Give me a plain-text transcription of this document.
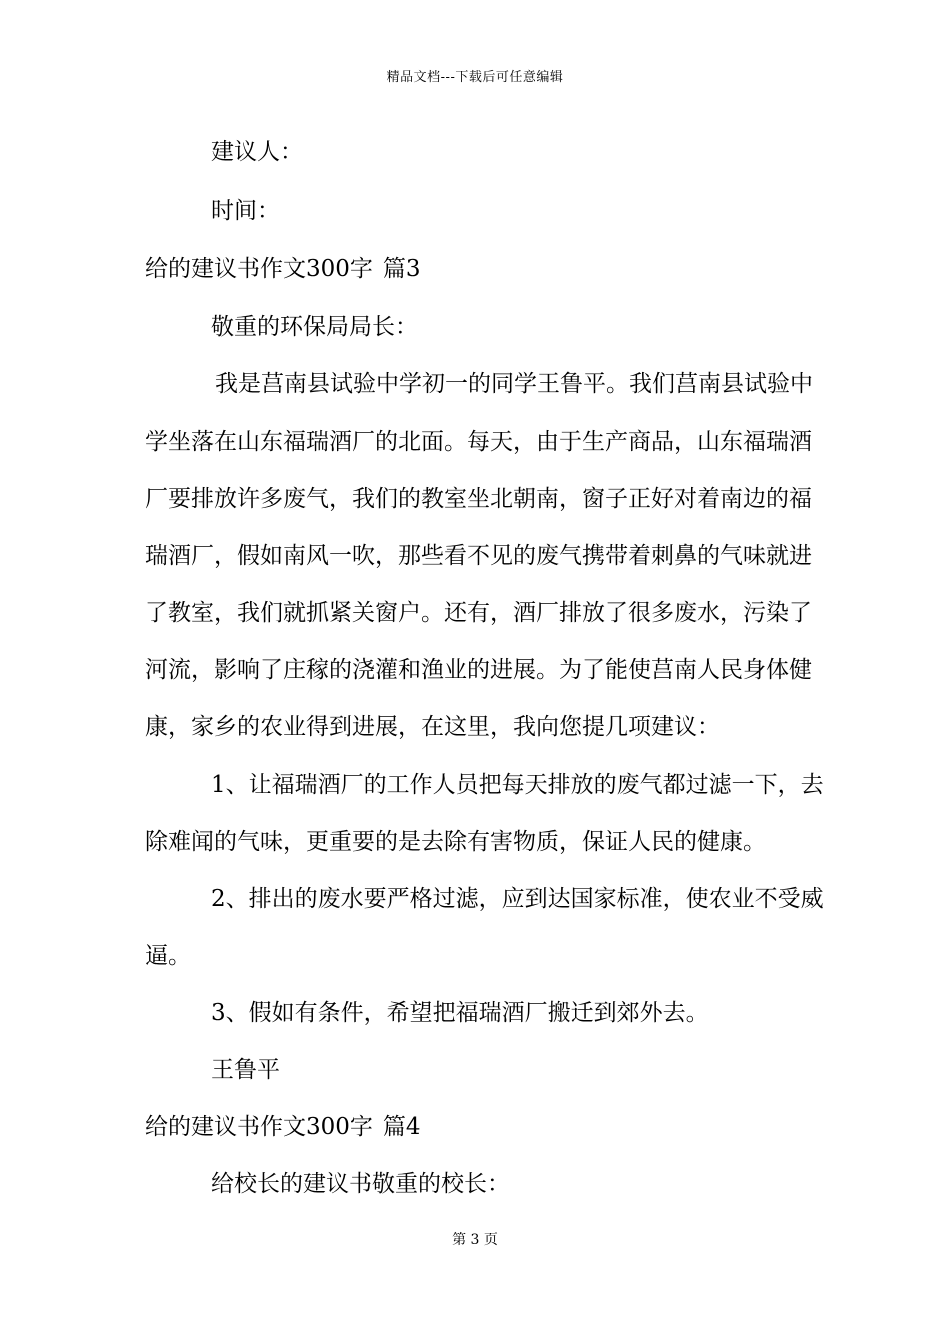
精品文档---下载后可任意编辑
建议人：
时间：
给的建议书作文300字 篇3
敬重的环保局局长：
我是莒南县试验中学初一的同学王鲁平。我们莒南县试验中
学坐落在山东福瑞酒厂的北面。每天，由于生产商品，山东福瑞酒
厂要排放许多废气，我们的教室坐北朝南，窗子正好对着南边的福
瑞酒厂，假如南风一吹，那些看不见的废气携带着刺鼻的气味就进
了教室，我们就抓紧关窗户。还有，酒厂排放了很多废水，污染了
河流，影响了庄稼的浇灌和渔业的进展。为了能使莒南人民身体健
康，家乡的农业得到进展，在这里，我向您提几项建议：
1、让福瑞酒厂的工作人员把每天排放的废气都过滤一下，去
除难闻的气味，更重要的是去除有害物质，保证人民的健康。
2、排出的废水要严格过滤，应到达国家标准，使农业不受威
逼。
3、假如有条件，希望把福瑞酒厂搬迁到郊外去。
王鲁平
给的建议书作文300字 篇4
给校长的建议书敬重的校长：
第 3 页
